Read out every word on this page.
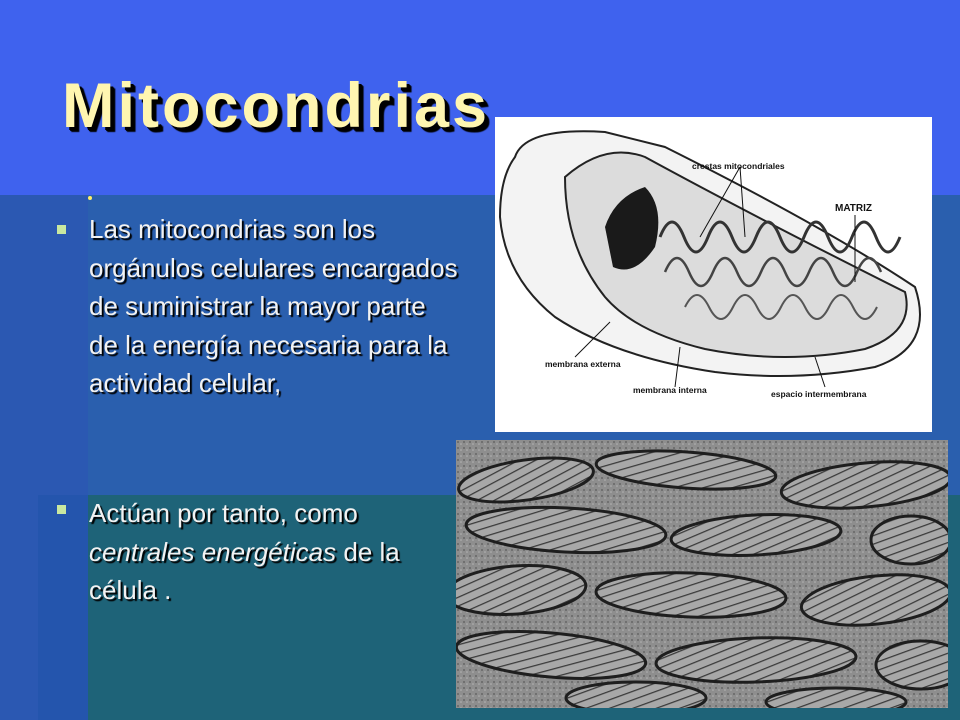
Mitocondrias

Las mitocondrias son los orgánulos celulares encargados de suministrar la mayor parte de la energía necesaria para la actividad celular,

Actúan por tanto, como centrales energéticas de la célula .

crestas mitocondriales
MATRIZ
membrana externa
membrana interna	espacio intermembrana
